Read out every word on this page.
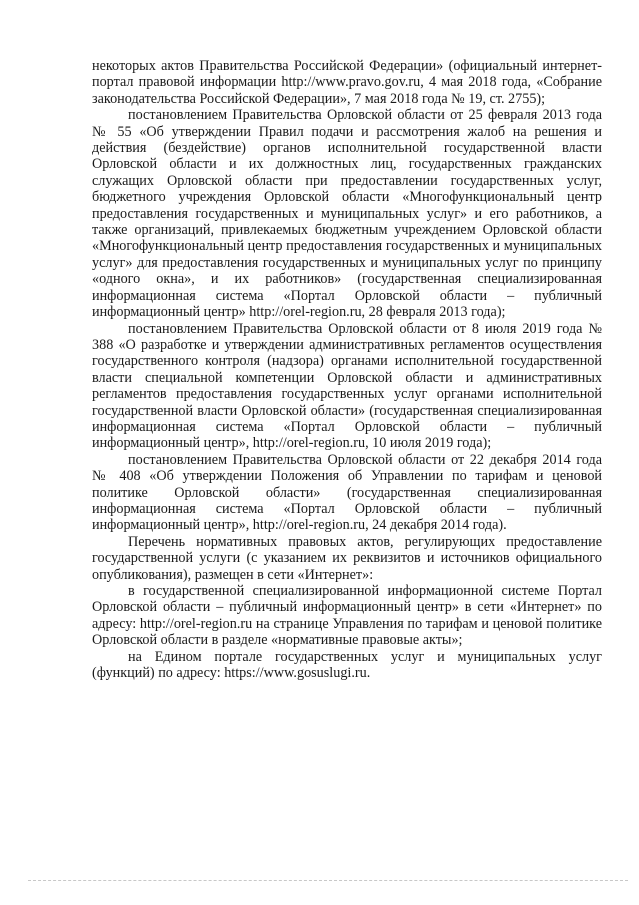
некоторых актов Правительства Российской Федерации» (официальный интернет-портал правовой информации http://www.pravo.gov.ru, 4 мая 2018 года, «Собрание законодательства Российской Федерации», 7 мая 2018 года № 19, ст. 2755);

постановлением Правительства Орловской области от 25 февраля 2013 года № 55 «Об утверждении Правил подачи и рассмотрения жалоб на решения и действия (бездействие) органов исполнительной государственной власти Орловской области и их должностных лиц, государственных гражданских служащих Орловской области при предоставлении государственных услуг, бюджетного учреждения Орловской области «Многофункциональный центр предоставления государственных и муниципальных услуг» и его работников, а также организаций, привлекаемых бюджетным учреждением Орловской области «Многофункциональный центр предоставления государственных и муниципальных услуг» для предоставления государственных и муниципальных услуг по принципу «одного окна», и их работников» (государственная специализированная информационная система «Портал Орловской области – публичный информационный центр» http://orel-region.ru, 28 февраля 2013 года);

постановлением Правительства Орловской области от 8 июля 2019 года № 388 «О разработке и утверждении административных регламентов осуществления государственного контроля (надзора) органами исполнительной государственной власти специальной компетенции Орловской области и административных регламентов предоставления государственных услуг органами исполнительной государственной власти Орловской области» (государственная специализированная информационная система «Портал Орловской области – публичный информационный центр», http://orel-region.ru, 10 июля 2019 года);

постановлением Правительства Орловской области от 22 декабря 2014 года № 408 «Об утверждении Положения об Управлении по тарифам и ценовой политике Орловской области» (государственная специализированная информационная система «Портал Орловской области – публичный информационный центр», http://orel-region.ru, 24 декабря 2014 года).

Перечень нормативных правовых актов, регулирующих предоставление государственной услуги (с указанием их реквизитов и источников официального опубликования), размещен в сети «Интернет»:

в государственной специализированной информационной системе Портал Орловской области – публичный информационный центр» в сети «Интернет» по адресу: http://orel-region.ru на странице Управления по тарифам и ценовой политике Орловской области в разделе «нормативные правовые акты»;

на Едином портале государственных услуг и муниципальных услуг (функций) по адресу: https://www.gosuslugi.ru.
